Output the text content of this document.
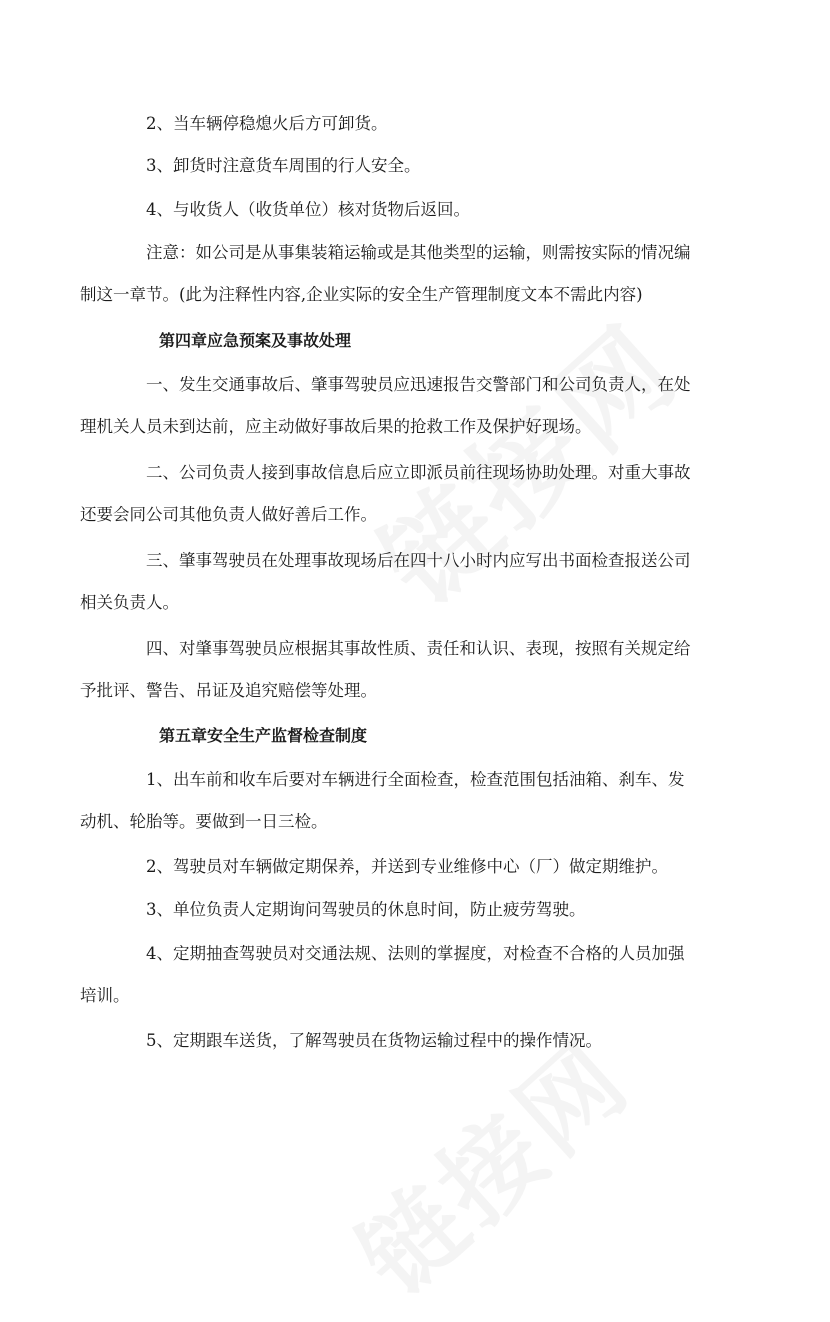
2、当车辆停稳熄火后方可卸货。

3、卸货时注意货车周围的行人安全。

4、与收货人（收货单位）核对货物后返回。

注意：如公司是从事集装箱运输或是其他类型的运输，则需按实际的情况编
制这一章节。(此为注释性内容,企业实际的安全生产管理制度文本不需此内容)

第四章应急预案及事故处理

一、发生交通事故后、肇事驾驶员应迅速报告交警部门和公司负责人，在处
理机关人员未到达前，应主动做好事故后果的抢救工作及保护好现场。

二、公司负责人接到事故信息后应立即派员前往现场协助处理。对重大事故
还要会同公司其他负责人做好善后工作。

三、肇事驾驶员在处理事故现场后在四十八小时内应写出书面检查报送公司
相关负责人。

四、对肇事驾驶员应根据其事故性质、责任和认识、表现，按照有关规定给
予批评、警告、吊证及追究赔偿等处理。

第五章安全生产监督检查制度

1、出车前和收车后要对车辆进行全面检查，检查范围包括油箱、刹车、发
动机、轮胎等。要做到一日三检。

2、驾驶员对车辆做定期保养，并送到专业维修中心（厂）做定期维护。

3、单位负责人定期询问驾驶员的休息时间，防止疲劳驾驶。

4、定期抽查驾驶员对交通法规、法则的掌握度，对检查不合格的人员加强
培训。

5、定期跟车送货，了解驾驶员在货物运输过程中的操作情况。
